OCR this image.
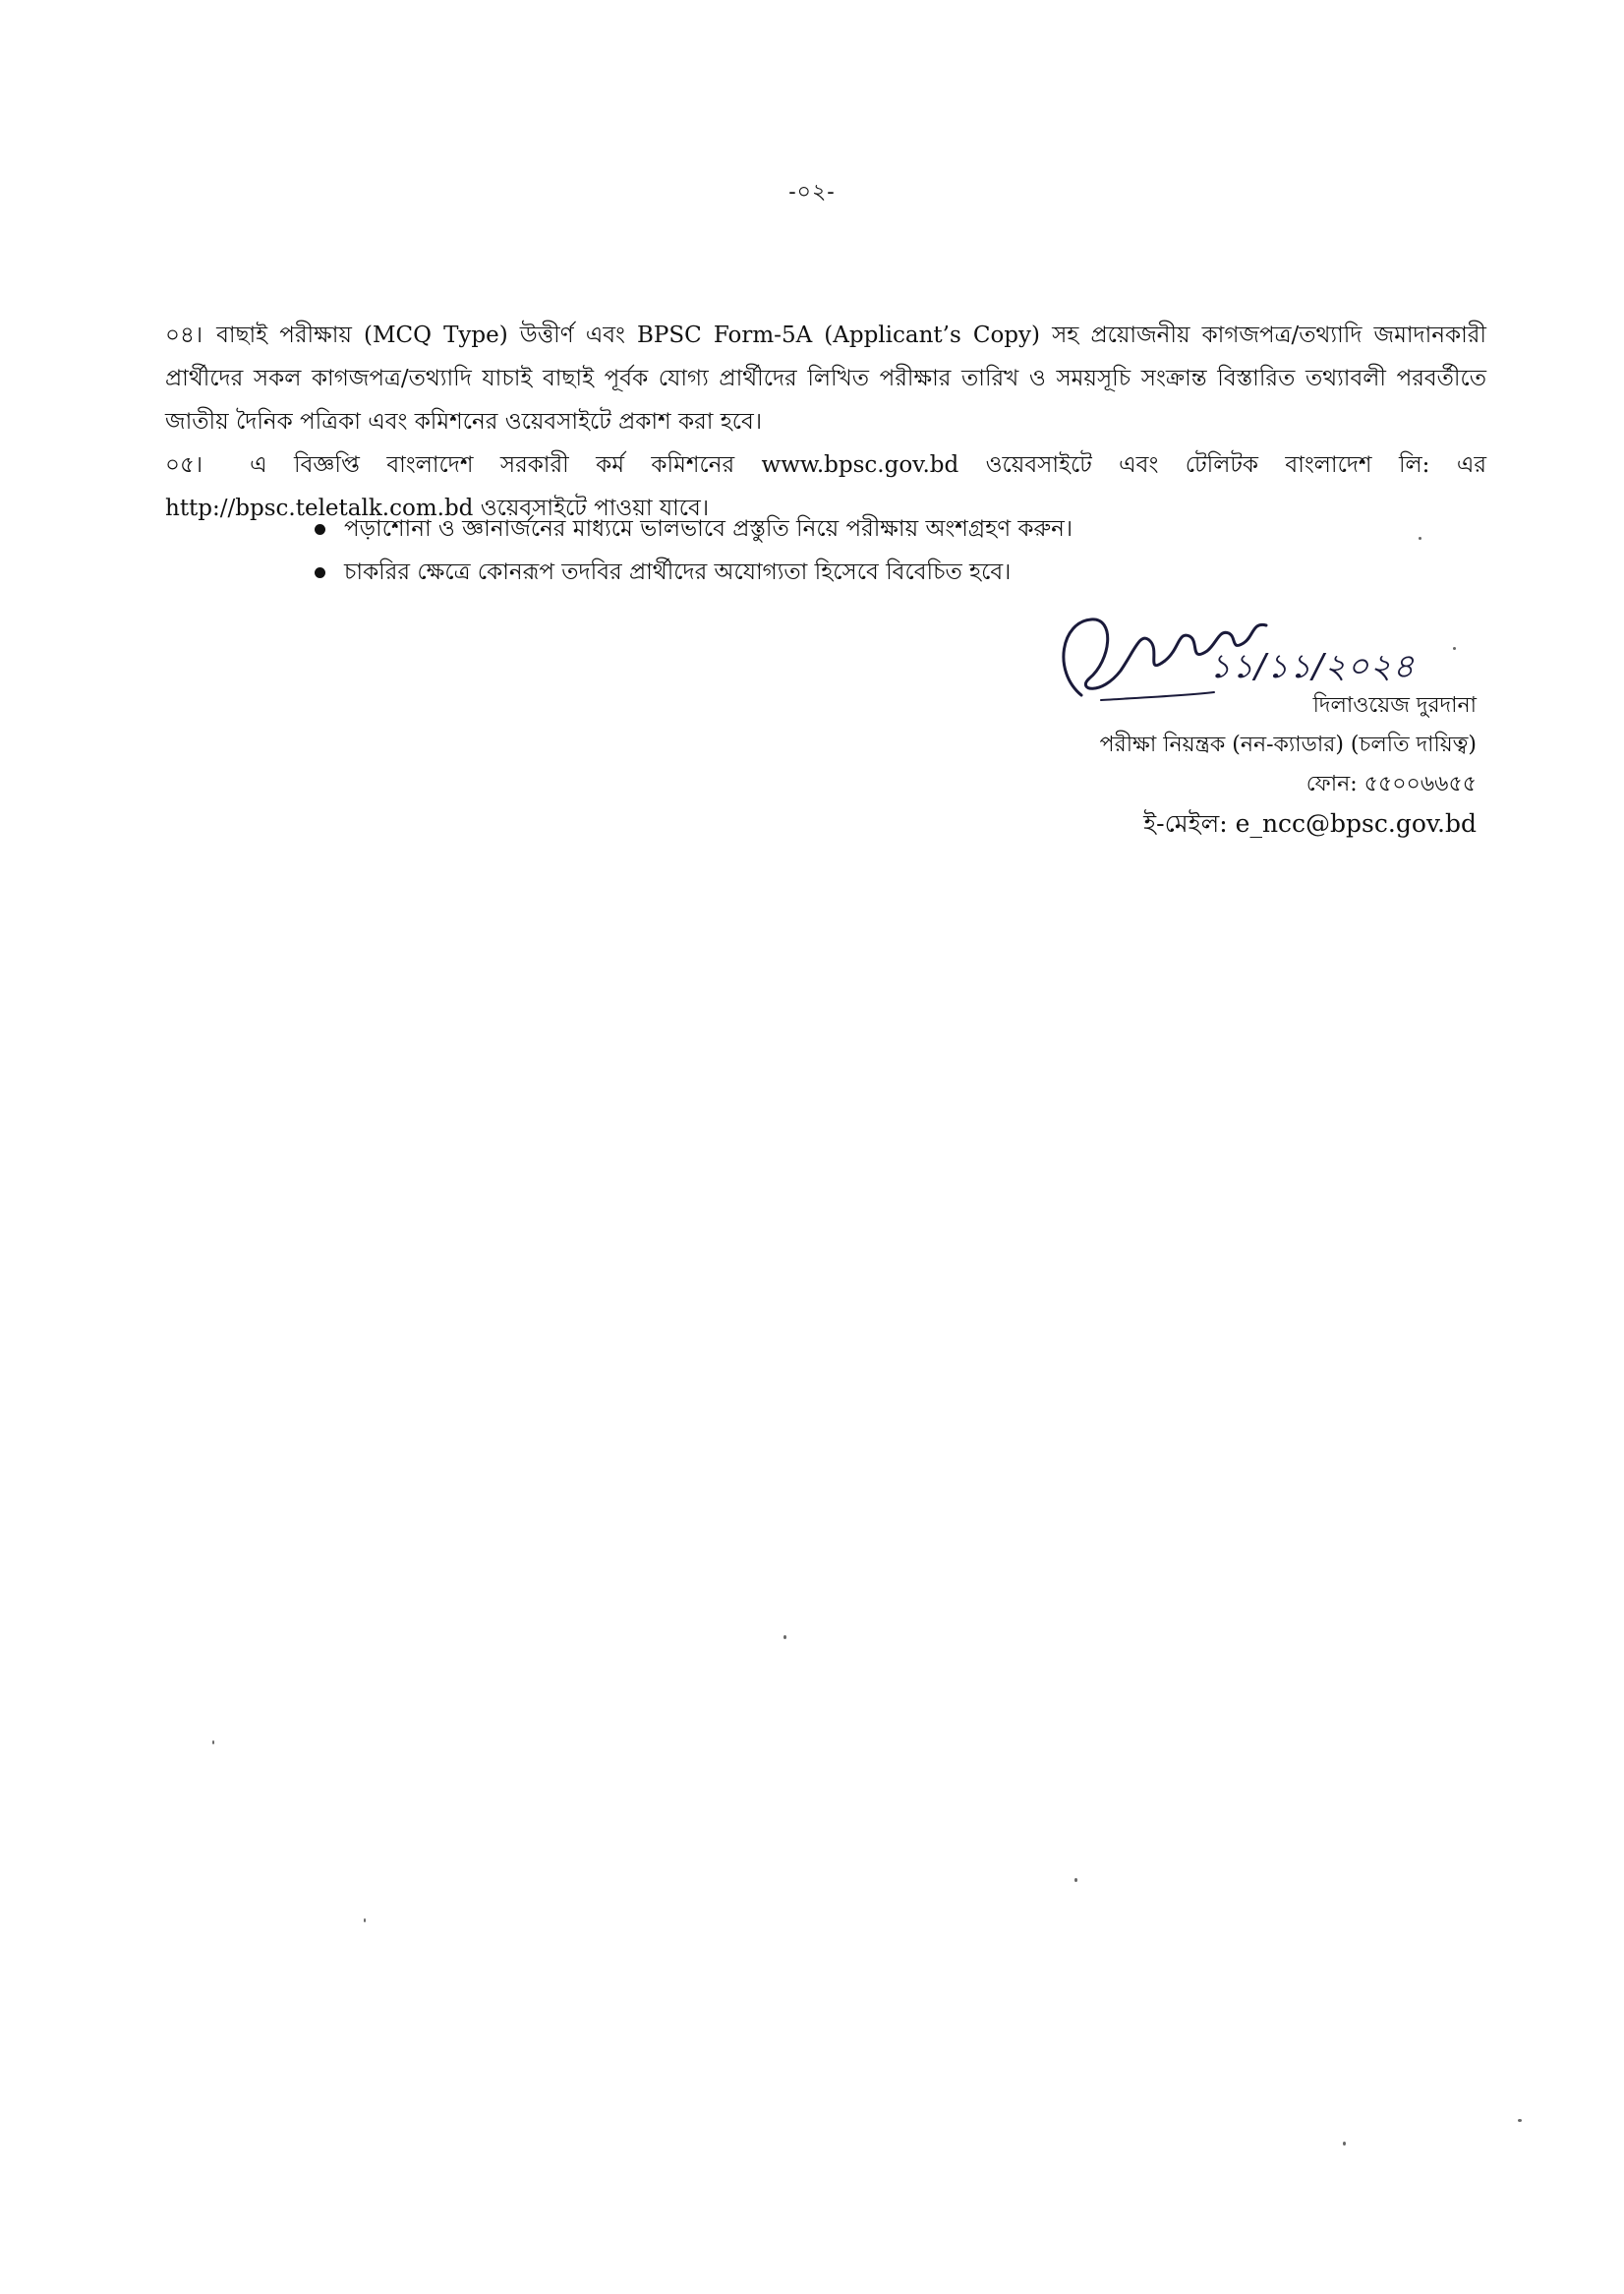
-০২-

০৪। বাছাই পরীক্ষায় (MCQ Type) উত্তীর্ণ এবং BPSC Form-5A (Applicant’s Copy) সহ প্রয়োজনীয় কাগজপত্র/তথ্যাদি জমাদানকারী প্রার্থীদের সকল কাগজপত্র/তথ্যাদি যাচাই বাছাই পূর্বক যোগ্য প্রার্থীদের লিখিত পরীক্ষার তারিখ ও সময়সূচি সংক্রান্ত বিস্তারিত তথ্যাবলী পরবর্তীতে জাতীয় দৈনিক পত্রিকা এবং কমিশনের ওয়েবসাইটে প্রকাশ করা হবে।

০৫। এ বিজ্ঞপ্তি বাংলাদেশ সরকারী কর্ম কমিশনের www.bpsc.gov.bd ওয়েবসাইটে এবং টেলিটক বাংলাদেশ লি: এর http://bpsc.teletalk.com.bd ওয়েবসাইটে পাওয়া যাবে।

পড়াশোনা ও জ্ঞানার্জনের মাধ্যমে ভালভাবে প্রস্তুতি নিয়ে পরীক্ষায় অংশগ্রহণ করুন।
চাকরির ক্ষেত্রে কোনরূপ তদবির প্রার্থীদের অযোগ্যতা হিসেবে বিবেচিত হবে।
১১/১১/২০২৪
দিলাওয়েজ দুরদানা
পরীক্ষা নিয়ন্ত্রক (নন-ক্যাডার) (চলতি দায়িত্ব)
ফোন: ৫৫০০৬৬৫৫
ই-মেইল: e_ncc@bpsc.gov.bd
